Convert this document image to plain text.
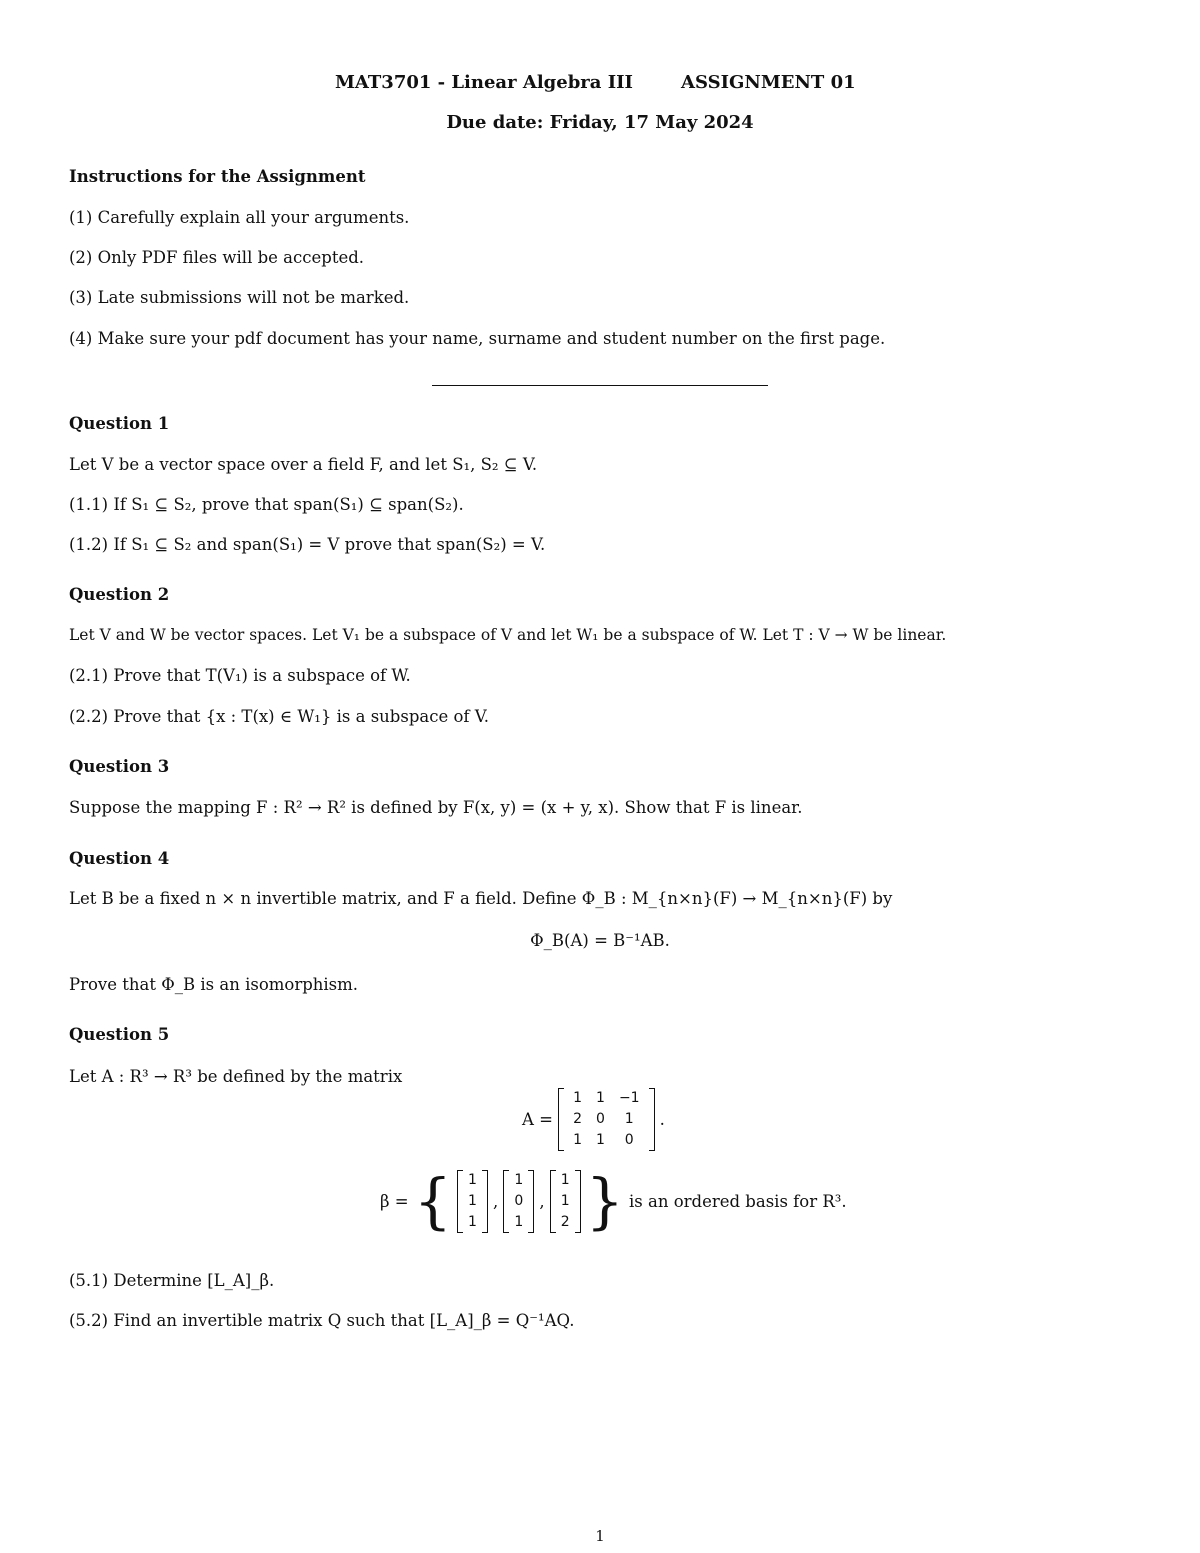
MAT3701 - Linear Algebra III	ASSIGNMENT 01
Due date: Friday, 17 May 2024
Instructions for the Assignment
(1) Carefully explain all your arguments.
(2) Only PDF files will be accepted.
(3) Late submissions will not be marked.
(4) Make sure your pdf document has your name, surname and student number on the first page.
Question 1
Let V be a vector space over a field F, and let S₁, S₂ ⊆ V.
(1.1) If S₁ ⊆ S₂, prove that span(S₁) ⊆ span(S₂).
(1.2) If S₁ ⊆ S₂ and span(S₁) = V prove that span(S₂) = V.
Question 2
Let V and W be vector spaces. Let V₁ be a subspace of V and let W₁ be a subspace of W. Let T : V → W be linear.
(2.1) Prove that T(V₁) is a subspace of W.
(2.2) Prove that {x : T(x) ∈ W₁} is a subspace of V.
Question 3
Suppose the mapping F : R² → R² is defined by F(x, y) = (x + y, x). Show that F is linear.
Question 4
Let B be a fixed n × n invertible matrix, and F a field. Define Φ_B : M_{n×n}(F) → M_{n×n}(F) by
Φ_B(A) = B⁻¹AB.
Prove that Φ_B is an isomorphism.
Question 5
Let A : R³ → R³ be defined by the matrix
A =
1	1	−1
2	0	1
1	1	0
.
β = { 1
1
1
,
1
0
1
,
1
1
2 } is an ordered basis for R³.
(5.1) Determine [L_A]_β.
(5.2) Find an invertible matrix Q such that [L_A]_β = Q⁻¹AQ.
1
